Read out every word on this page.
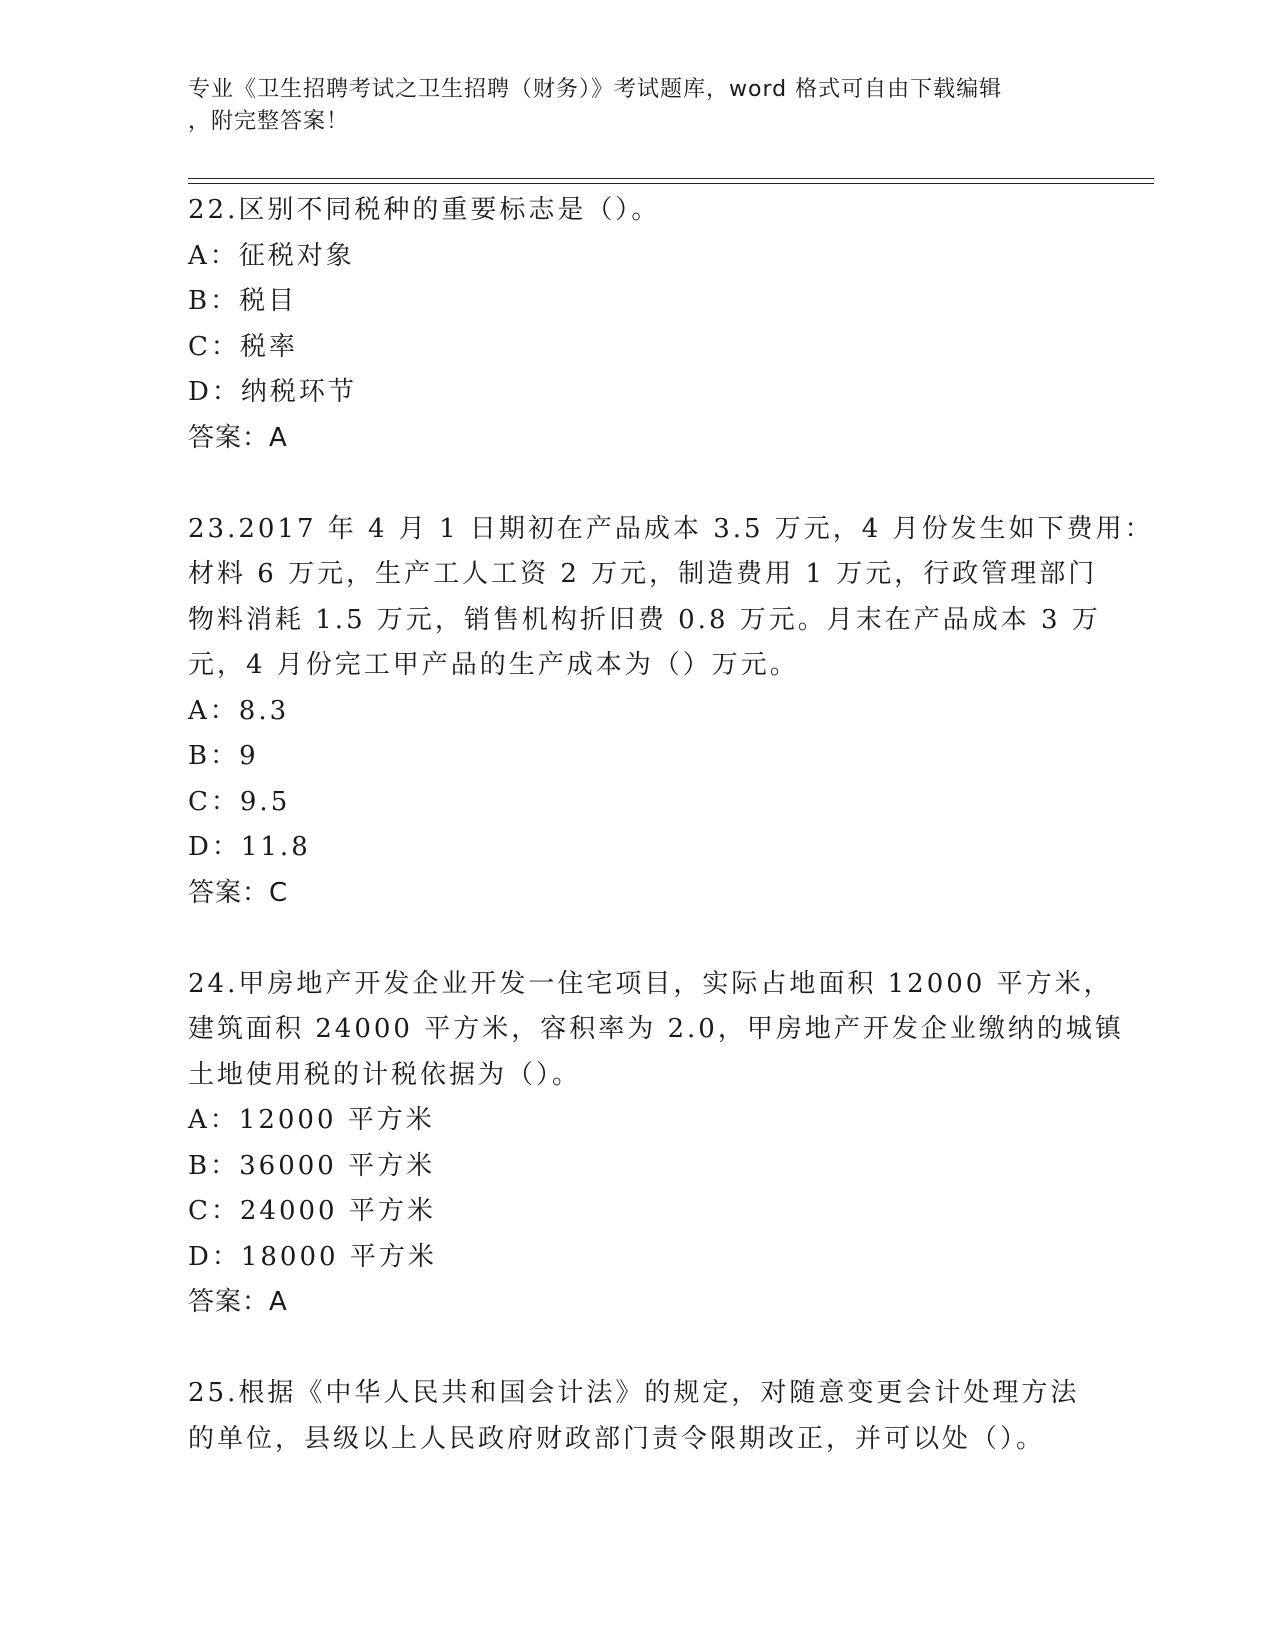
专业《卫生招聘考试之卫生招聘（财务）》考试题库，word 格式可自由下载编辑
，附完整答案！
22.区别不同税种的重要标志是（）。
A：征税对象
B：税目
C：税率
D：纳税环节
答案：A
23.2017 年 4 月 1 日期初在产品成本 3.5 万元，4 月份发生如下费用：
材料 6 万元，生产工人工资 2 万元，制造费用 1 万元，行政管理部门
物料消耗 1.5 万元，销售机构折旧费 0.8 万元。月末在产品成本 3 万
元，4 月份完工甲产品的生产成本为（）万元。
A：8.3
B：9
C：9.5
D：11.8
答案：C
24.甲房地产开发企业开发一住宅项目，实际占地面积 12000 平方米，
建筑面积 24000 平方米，容积率为 2.0，甲房地产开发企业缴纳的城镇
土地使用税的计税依据为（）。
A：12000 平方米
B：36000 平方米
C：24000 平方米
D：18000 平方米
答案：A
25.根据《中华人民共和国会计法》的规定，对随意变更会计处理方法
的单位，县级以上人民政府财政部门责令限期改正，并可以处（）。
